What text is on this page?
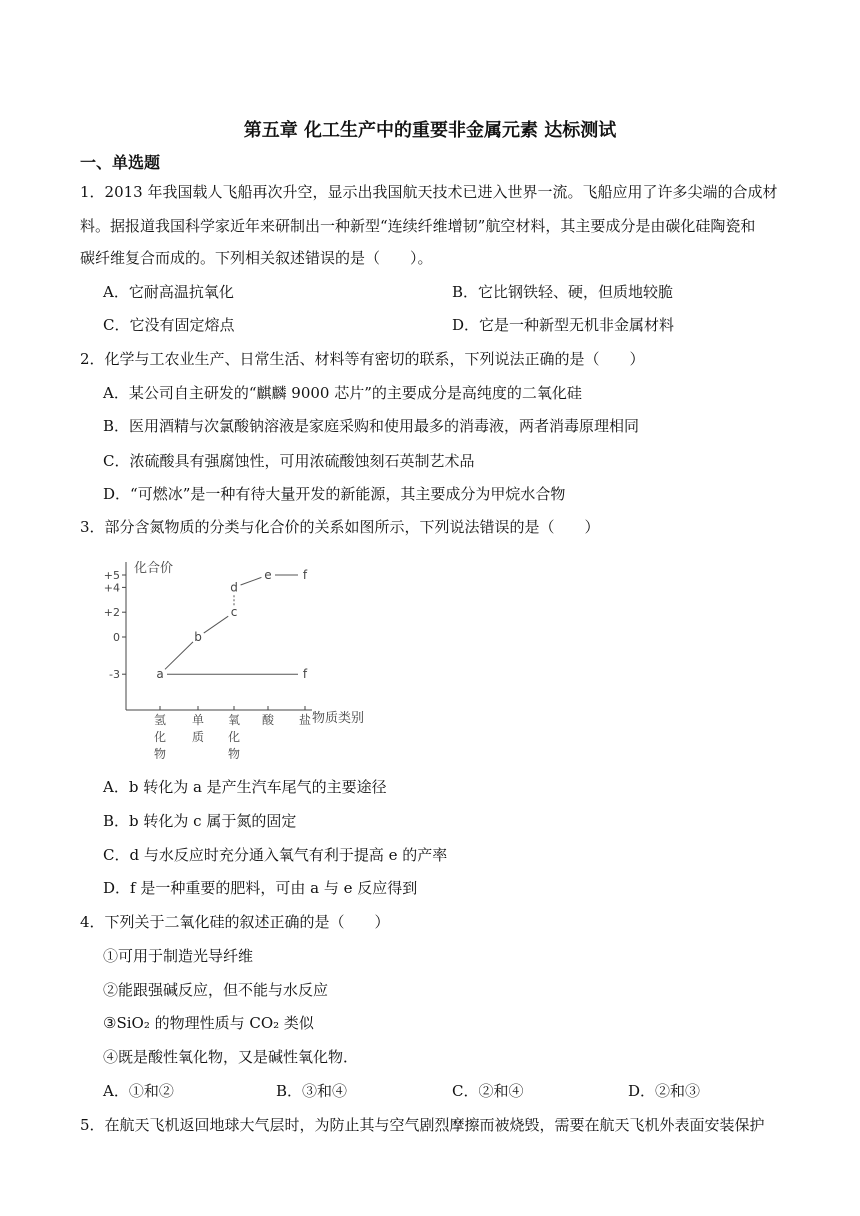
第五章 化工生产中的重要非金属元素 达标测试
一、单选题
1．2013 年我国载人飞船再次升空，显示出我国航天技术已进入世界一流。飞船应用了许多尖端的合成材
料。据报道我国科学家近年来研制出一种新型“连续纤维增韧”航空材料，其主要成分是由碳化硅陶瓷和
碳纤维复合而成的。下列相关叙述错误的是（　　）。
A．它耐高温抗氧化	B．它比钢铁轻、硬，但质地较脆
C．它没有固定熔点	D．它是一种新型无机非金属材料
2．化学与工农业生产、日常生活、材料等有密切的联系，下列说法正确的是（　　）
A．某公司自主研发的“麒麟 9000 芯片”的主要成分是高纯度的二氧化硅
B．医用酒精与次氯酸钠溶液是家庭采购和使用最多的消毒液，两者消毒原理相同
C．浓硫酸具有强腐蚀性，可用浓硫酸蚀刻石英制艺术品
D．“可燃冰”是一种有待大量开发的新能源，其主要成分为甲烷水合物
3．部分含氮物质的分类与化合价的关系如图所示，下列说法错误的是（　　）
+5
+4
+2
0
-3
氢
化
物
单
质
氧
化
物
酸 盐
a
b
c
d
e	f
f
化合价
物质类别
A．b 转化为 a 是产生汽车尾气的主要途径
B．b 转化为 c 属于氮的固定
C．d 与水反应时充分通入氧气有利于提高 e 的产率
D．f 是一种重要的肥料，可由 a 与 e 反应得到
4．下列关于二氧化硅的叙述正确的是（　　）
①可用于制造光导纤维
②能跟强碱反应，但不能与水反应
③SiO₂ 的物理性质与 CO₂ 类似
④既是酸性氧化物，又是碱性氧化物．
A．①和②	B．③和④	C．②和④	D．②和③
5．在航天飞机返回地球大气层时，为防止其与空气剧烈摩擦而被烧毁，需要在航天飞机外表面安装保护
